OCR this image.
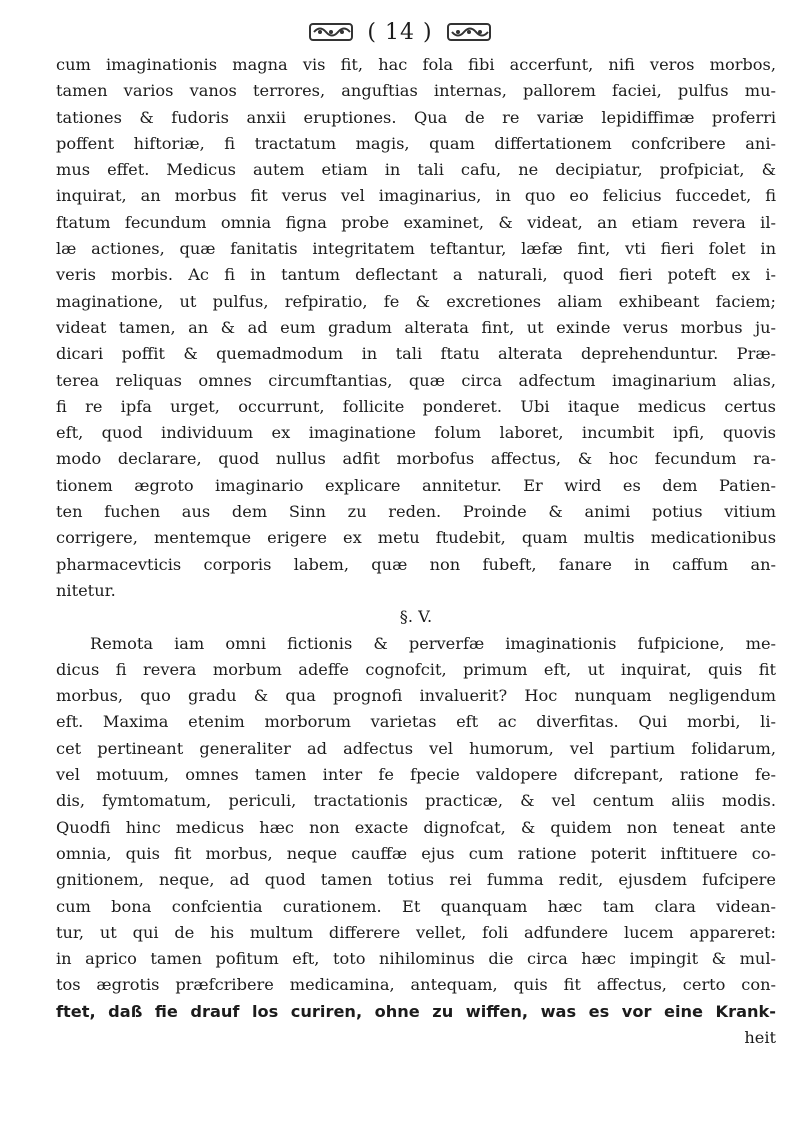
( 14 )
cum imaginationis magna vis fit, hac fola fibi accerfunt, nifi veros morbos,
tamen varios vanos terrores, anguftias internas, pallorem faciei, pulfus mu-
tationes & fudoris anxii eruptiones. Qua de re variæ lepidiffimæ proferri
poffent hiftoriæ, fi tractatum magis, quam differtationem confcribere ani-
mus effet. Medicus autem etiam in tali cafu, ne decipiatur, profpiciat, &
inquirat, an morbus fit verus vel imaginarius, in quo eo felicius fuccedet, fi
ftatum fecundum omnia figna probe examinet, & videat, an etiam revera il-
læ actiones, quæ fanitatis integritatem teftantur, læfæ fint, vti fieri folet in
veris morbis. Ac fi in tantum deflectant a naturali, quod fieri poteft ex i-
maginatione, ut pulfus, refpiratio, fe & excretiones aliam exhibeant faciem;
videat tamen, an & ad eum gradum alterata fint, ut exinde verus morbus ju-
dicari poffit & quemadmodum in tali ftatu alterata deprehenduntur. Præ-
terea reliquas omnes circumftantias, quæ circa adfectum imaginarium alias,
fi re ipfa urget, occurrunt, follicite ponderet. Ubi itaque medicus certus
eft, quod individuum ex imaginatione folum laboret, incumbit ipfi, quovis
modo declarare, quod nullus adfit morbofus affectus, & hoc fecundum ra-
tionem ægroto imaginario explicare annitetur. Er wird es dem Patien-
ten fuchen aus dem Sinn zu reden. Proinde & animi potius vitium
corrigere, mentemque erigere ex metu ftudebit, quam multis medicationibus
pharmacevticis corporis labem, quæ non fubeft, fanare in caffum an-
nitetur.
§. V.
Remota iam omni fictionis & perverfæ imaginationis fufpicione, me-
dicus fi revera morbum adeffe cognofcit, primum eft, ut inquirat, quis fit
morbus, quo gradu & qua prognofi invaluerit? Hoc nunquam negligendum
eft. Maxima etenim morborum varietas eft ac diverfitas. Qui morbi, li-
cet pertineant generaliter ad adfectus vel humorum, vel partium folidarum,
vel motuum, omnes tamen inter fe fpecie valdopere difcrepant, ratione fe-
dis, fymtomatum, periculi, tractationis practicæ, & vel centum aliis modis.
Quodfi hinc medicus hæc non exacte dignofcat, & quidem non teneat ante
omnia, quis fit morbus, neque cauffæ ejus cum ratione poterit inftituere co-
gnitionem, neque, ad quod tamen totius rei fumma redit, ejusdem fufcipere
cum bona confcientia curationem. Et quanquam hæc tam clara videan-
tur, ut qui de his multum differere vellet, foli adfundere lucem appareret:
in aprico tamen pofitum eft, toto nihilominus die circa hæc impingit & mul-
tos ægrotis præfcribere medicamina, antequam, quis fit affectus, certo con-
ftet, daß fie drauf los curiren, ohne zu wiffen, was es vor eine Krank-
heit
